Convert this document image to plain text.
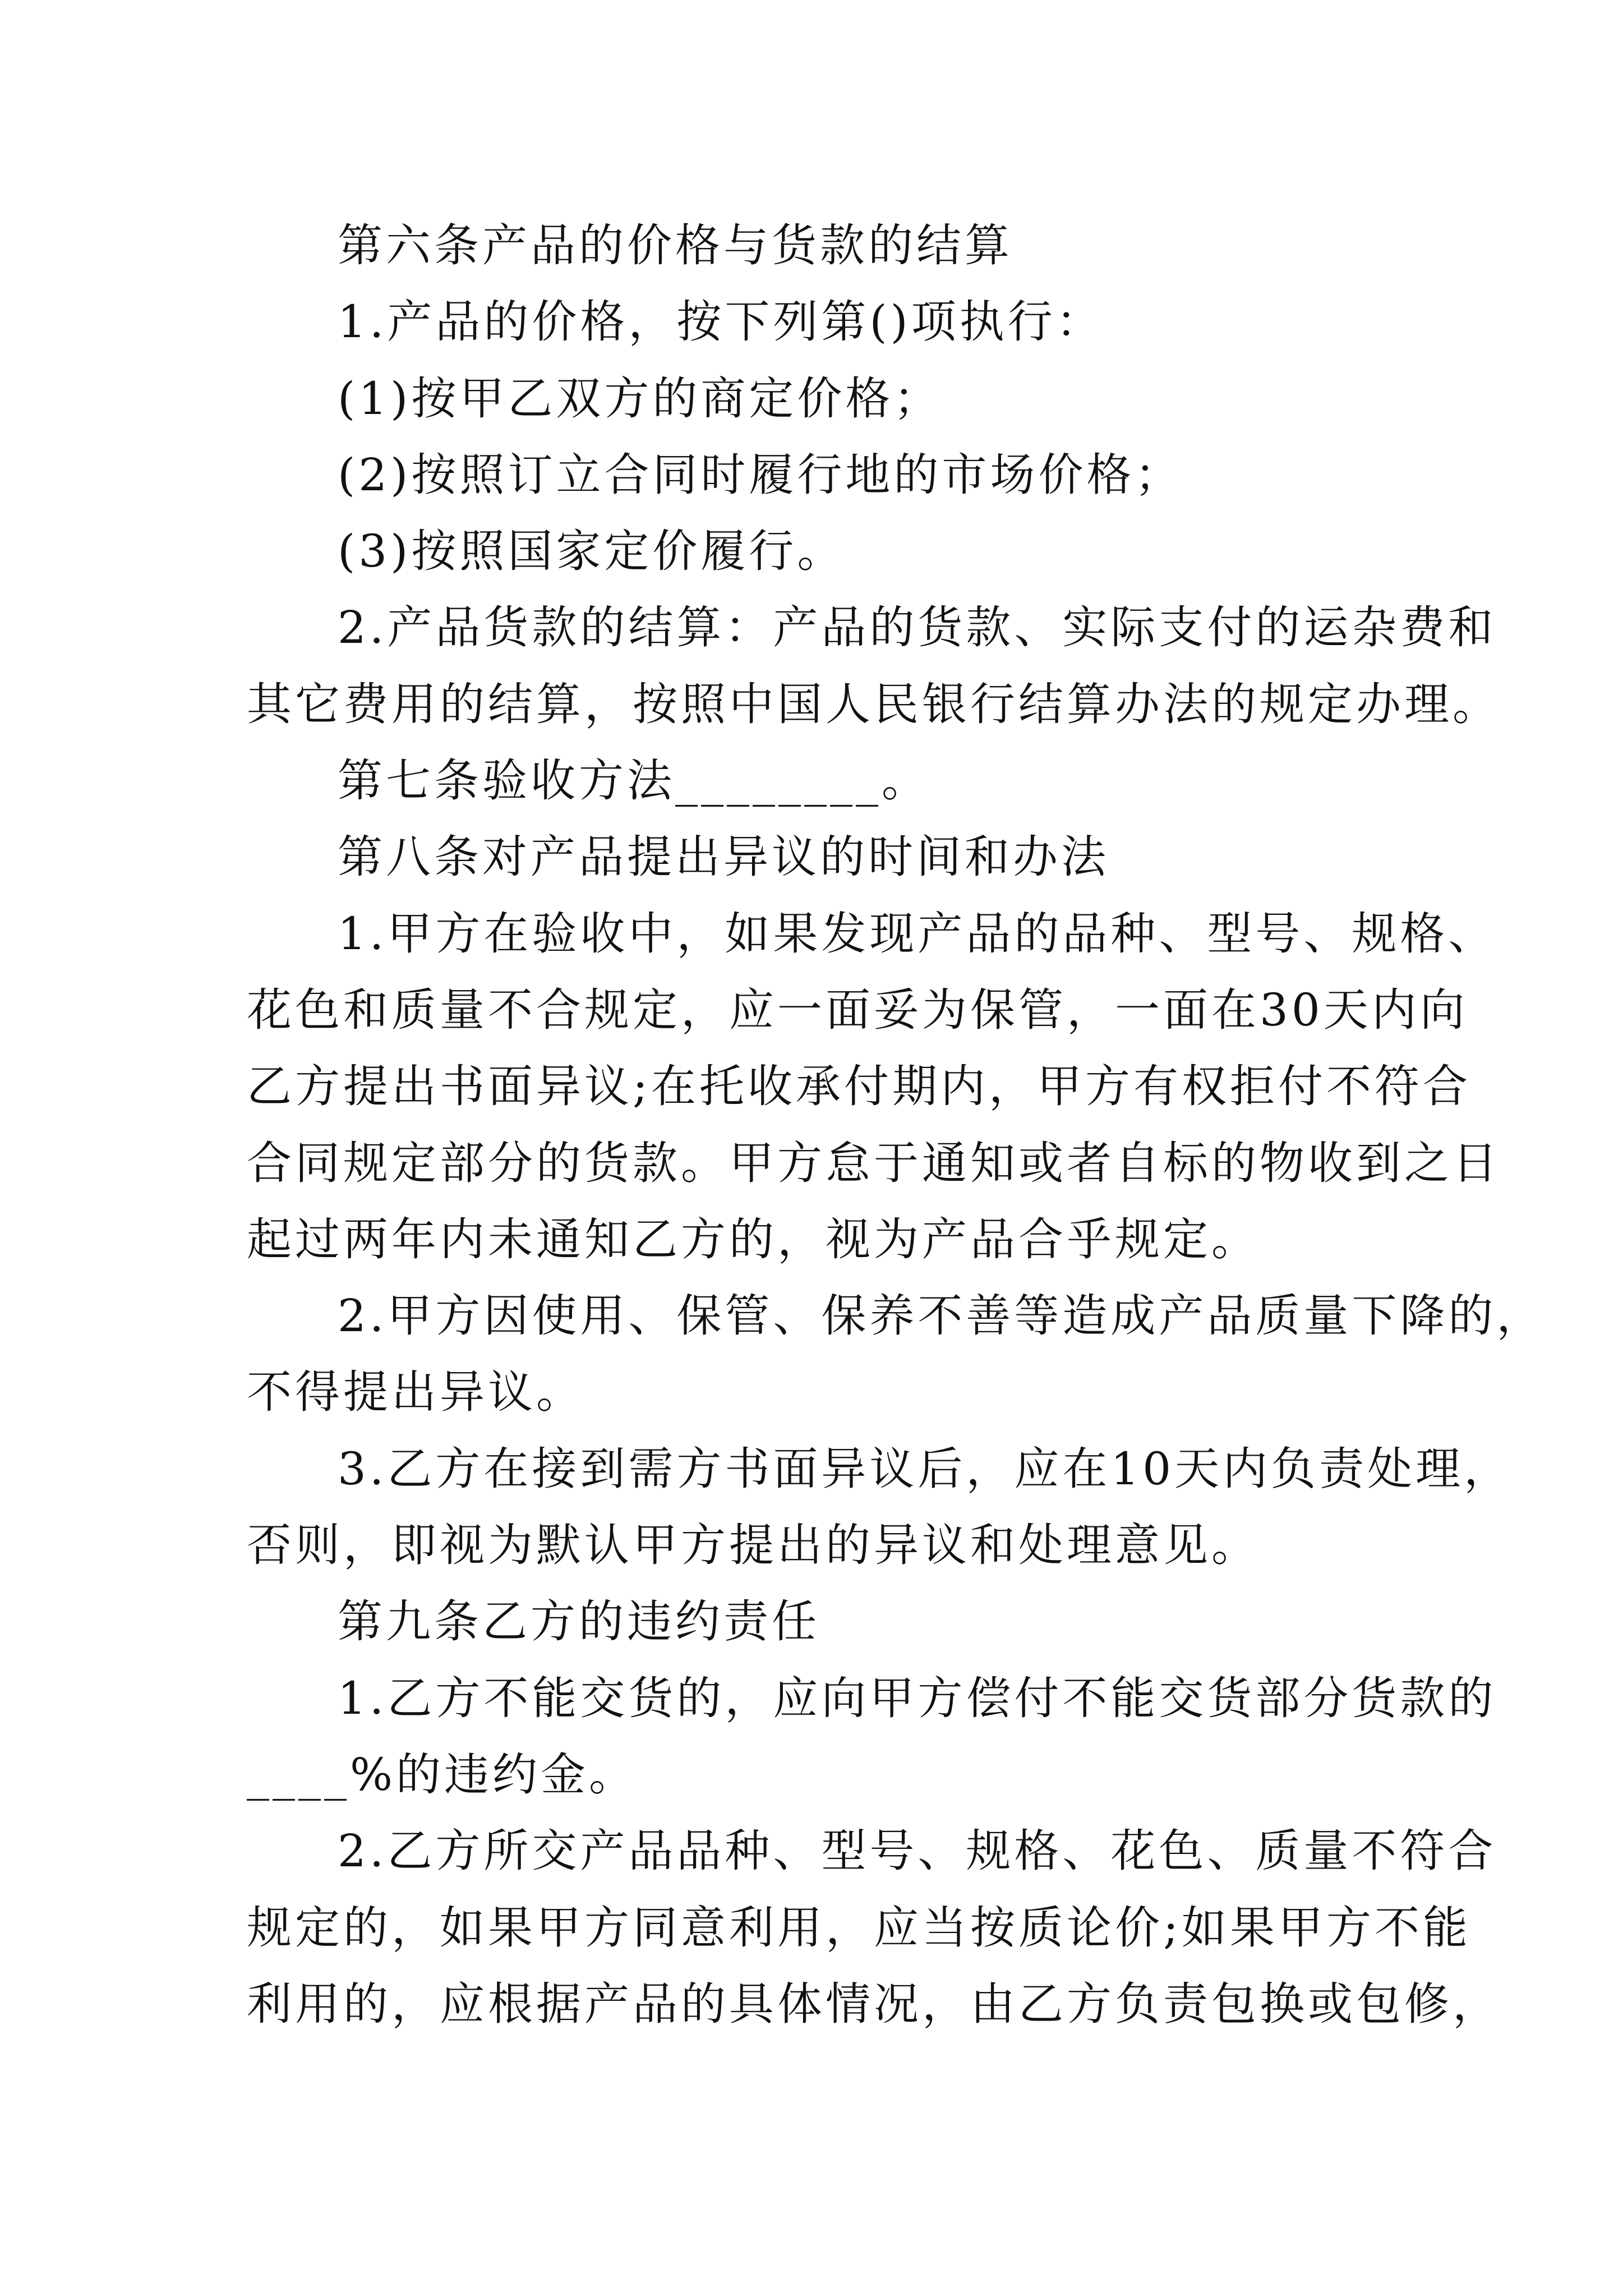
第六条产品的价格与货款的结算
1.产品的价格，按下列第()项执行：
(1)按甲乙双方的商定价格；
(2)按照订立合同时履行地的市场价格；
(3)按照国家定价履行。
2.产品货款的结算：产品的货款、实际支付的运杂费和
其它费用的结算，按照中国人民银行结算办法的规定办理。
第七条验收方法________。
第八条对产品提出异议的时间和办法
1.甲方在验收中，如果发现产品的品种、型号、规格、
花色和质量不合规定，应一面妥为保管，一面在30天内向
乙方提出书面异议;在托收承付期内，甲方有权拒付不符合
合同规定部分的货款。甲方怠于通知或者自标的物收到之日
起过两年内未通知乙方的，视为产品合乎规定。
2.甲方因使用、保管、保养不善等造成产品质量下降的，
不得提出异议。
3.乙方在接到需方书面异议后，应在10天内负责处理，
否则，即视为默认甲方提出的异议和处理意见。
第九条乙方的违约责任
1.乙方不能交货的，应向甲方偿付不能交货部分货款的
____%的违约金。
2.乙方所交产品品种、型号、规格、花色、质量不符合
规定的，如果甲方同意利用，应当按质论价;如果甲方不能
利用的，应根据产品的具体情况，由乙方负责包换或包修，
